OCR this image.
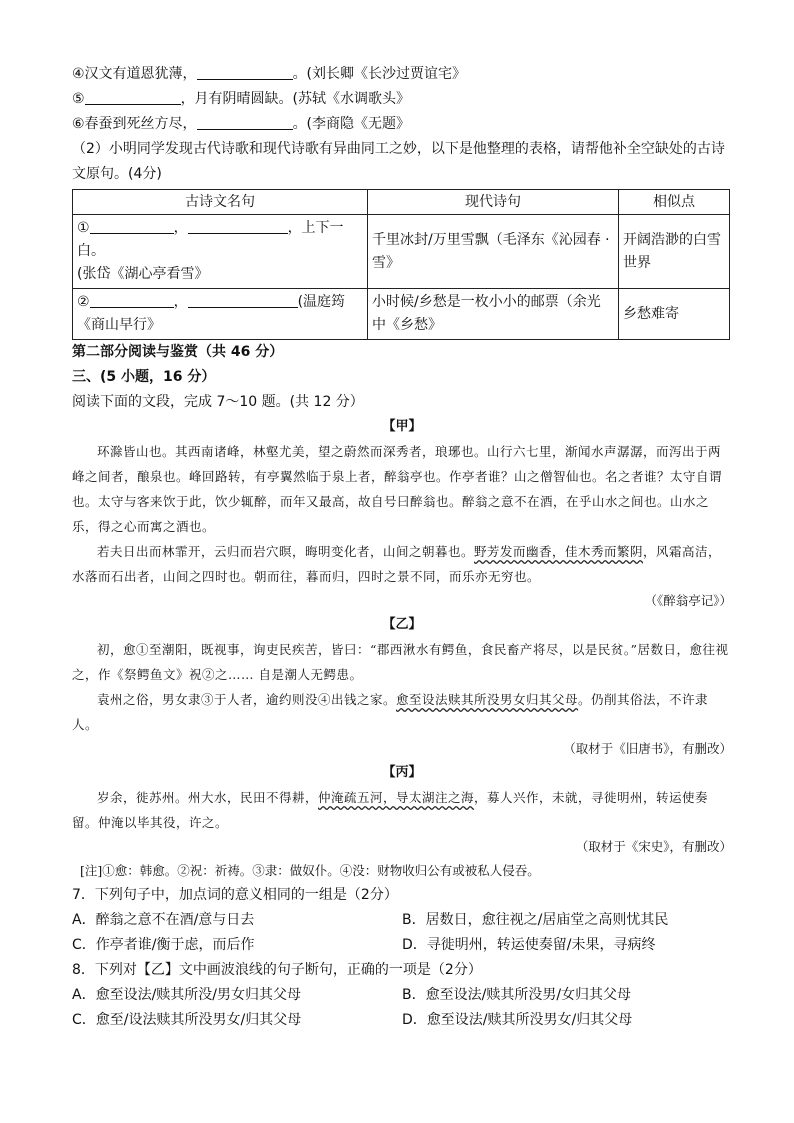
④汉文有道恩犹薄，	。(刘长卿《长沙过贾谊宅》
⑤	，月有阴晴圆缺。(苏轼《水调歌头》
⑥春蚕到死丝方尽，	。(李商隐《无题》
（2）小明同学发现古代诗歌和现代诗歌有异曲同工之妙，以下是他整理的表格，请帮他补全空缺处的古诗
文原句。(4分)
古诗文名句	现代诗句	相似点
① ， ，上下一白。
(张岱《湖心亭看雪》	千里冰封/万里雪飘（毛泽东《沁园春 · 雪》	开阔浩渺的白雪世界
② ， (温庭筠《商山早行》	小时候/乡愁是一枚小小的邮票（余光中《乡愁》	乡愁难寄
第二部分阅读与鉴赏（共 46 分）
三、(5 小题，16 分）
阅读下面的文段，完成 7～10 题。(共 12 分）
【甲】

环滁皆山也。其西南诸峰，林壑尤美，望之蔚然而深秀者，琅琊也。山行六七里，渐闻水声潺潺，而泻出于两峰之间者，酿泉也。峰回路转，有亭翼然临于泉上者，醉翁亭也。作亭者谁？山之僧智仙也。名之者谁？太守自谓也。太守与客来饮于此，饮少辄醉，而年又最高，故自号曰醉翁也。醉翁之意不在酒，在乎山水之间也。山水之乐，得之心而寓之酒也。

若夫日出而林霏开，云归而岩穴暝，晦明变化者，山间之朝暮也。野芳发而幽香，佳木秀而繁阴，风霜高洁，水落而石出者，山间之四时也。朝而往，暮而归，四时之景不同，而乐亦无穷也。

（《醉翁亭记》）
【乙】

初，愈①至潮阳，既视事，询吏民疾苦，皆曰：“郡西湫水有鳄鱼，食民畜产将尽，以是民贫。”居数日，愈往视之，作《祭鳄鱼文》祝②之…… 自是潮人无鳄患。

袁州之俗，男女隶③于人者，逾约则没④出钱之家。愈至设法赎其所没男女归其父母。仍削其俗法，不许隶人。

（取材于《旧唐书》，有删改）
【丙】

岁余，徙苏州。州大水，民田不得耕，仲淹疏五河，导太湖注之海，募人兴作，未就，寻徙明州，转运使奏留。仲淹以毕其役，许之。

（取材于《宋史》，有删改）
[注]①愈：韩愈。②祝：祈祷。③隶：做奴仆。④没：财物收归公有或被私人侵吞。
7．下列句子中，加点词的意义相同的一组是（2分）
A．醉翁之意不在酒/意与日去	B．居数日，愈往视之/居庙堂之高则忧其民
C．作亭者谁/衡于虑，而后作	D．寻徙明州，转运使奏留/未果，寻病终
8．下列对【乙】文中画波浪线的句子断句，正确的一项是（2分）
A．愈至设法/赎其所没/男女归其父母	B．愈至设法/赎其所没男/女归其父母
C．愈至/设法赎其所没男女/归其父母	D．愈至设法/赎其所没男女/归其父母
